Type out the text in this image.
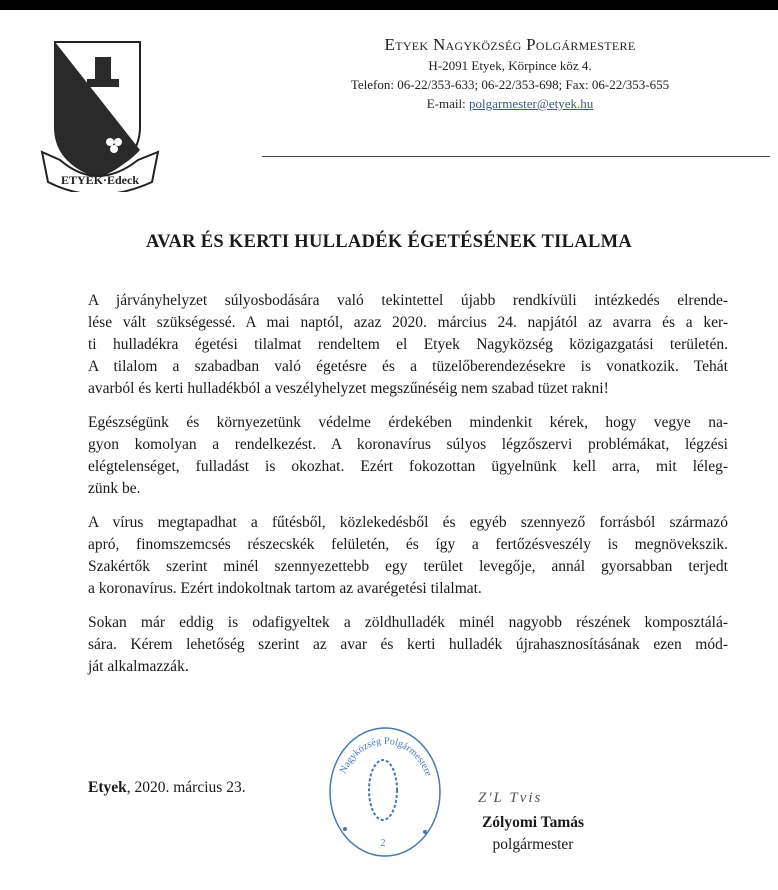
ETYEK·Edeck
Etyek Nagyközség Polgármestere
H-2091 Etyek, Körpince köz 4.
Telefon: 06-22/353-633; 06-22/353-698; Fax: 06-22/353-655
E-mail: polgarmester@etyek.hu
AVAR ÉS KERTI HULLADÉK ÉGETÉSÉNEK TILALMA
A járványhelyzet súlyosbodására való tekintettel újabb rendkívüli intézkedés elrende-
lése vált szükségessé. A mai naptól, azaz 2020. március 24. napjától az avarra és a ker-
ti hulladékra égetési tilalmat rendeltem el Etyek Nagyközség közigazgatási területén.
A tilalom a szabadban való égetésre és a tüzelőberendezésekre is vonatkozik. Tehát
avarból és kerti hulladékból a veszélyhelyzet megszűnéséig nem szabad tüzet rakni!
Egészségünk és környezetünk védelme érdekében mindenkit kérek, hogy vegye na-
gyon komolyan a rendelkezést. A koronavírus súlyos légzőszervi problémákat, légzési
elégtelenséget, fulladást is okozhat. Ezért fokozottan ügyelnünk kell arra, mit léleg-
zünk be.
A vírus megtapadhat a fűtésből, közlekedésből és egyéb szennyező forrásból származó
apró, finomszemcsés részecskék felületén, és így a fertőzésveszély is megnövekszik.
Szakértők szerint minél szennyezettebb egy terület levegője, annál gyorsabban terjedt
a koronavírus. Ezért indokoltnak tartom az avarégetési tilalmat.
Sokan már eddig is odafigyeltek a zöldhulladék minél nagyobb részének komposztálá-
sára. Kérem lehetőség szerint az avar és kerti hulladék újrahasznosításának ezen mód-
ját alkalmazzák.
Etyek, 2020. március 23.
Nagyközség Polgármestere
2
Z'L Tvis
Zólyomi Tamás
polgármester
